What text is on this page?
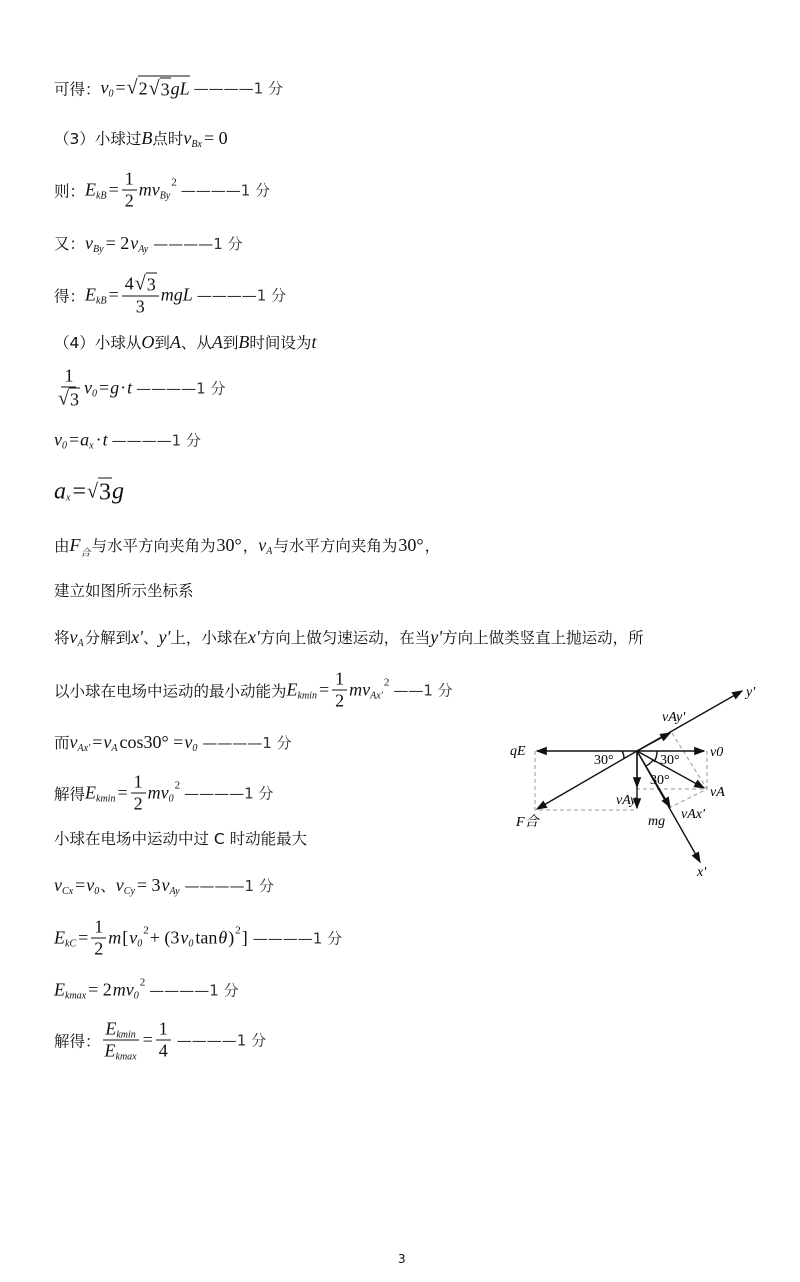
可得： v 0 = √ 2 √ 3 gL ————1 分
（3）小球过 B 点时 v Bx = 0
则： E kB = $\frac{1}{2}$ mv By
2 ————1 分
又： v By = 2 v Ay ————1 分
得： E kB = $\frac{4 √ 3}{3}$ mgL ————1 分
（4）小球从 O 到 A 、从 A 到 B 时间设为 t
$\frac{1}{√ 3}$ v 0 = g · t ————1 分
v 0 = a x · t ————1 分
a x = √ 3 g
由 F 合 与水平方向夹角为 30° ， v A 与水平方向夹角为 30° ，
建立如图所示坐标系
将 v A 分解到 x' 、 y' 上，小球在 x' 方向上做匀速运动，在当 y' 方向上做类竖直上抛运动，所
以小球在电场中运动的最小动能为 E $kmin = \frac{1}{2}$ mv Ax'
2 ——1 分
而 v Ax' = v A cos30° = v 0 ————1 分
解得 E $kmin = \frac{1}{2}$ mv 0
2 ————1 分
小球在电场中运动中过 C 时动能最大
v Cx = v 0 、 v Cy = 3 v Ay ————1 分
E kC = $\frac{1}{2}$ m [ v 0
2 + (3 v 0 tan θ ) 2 ] ————1 分
E kmax = 2 mv 0
2 ————1 分
解得： $\frac{\text{E kmin}}{\text{E kmax}} = \frac{1}{4}$ ————1 分
qE
F合
y'
x'
v0
vA
vAy
mg vAx'
vAy'
30°	30°
30°
3
